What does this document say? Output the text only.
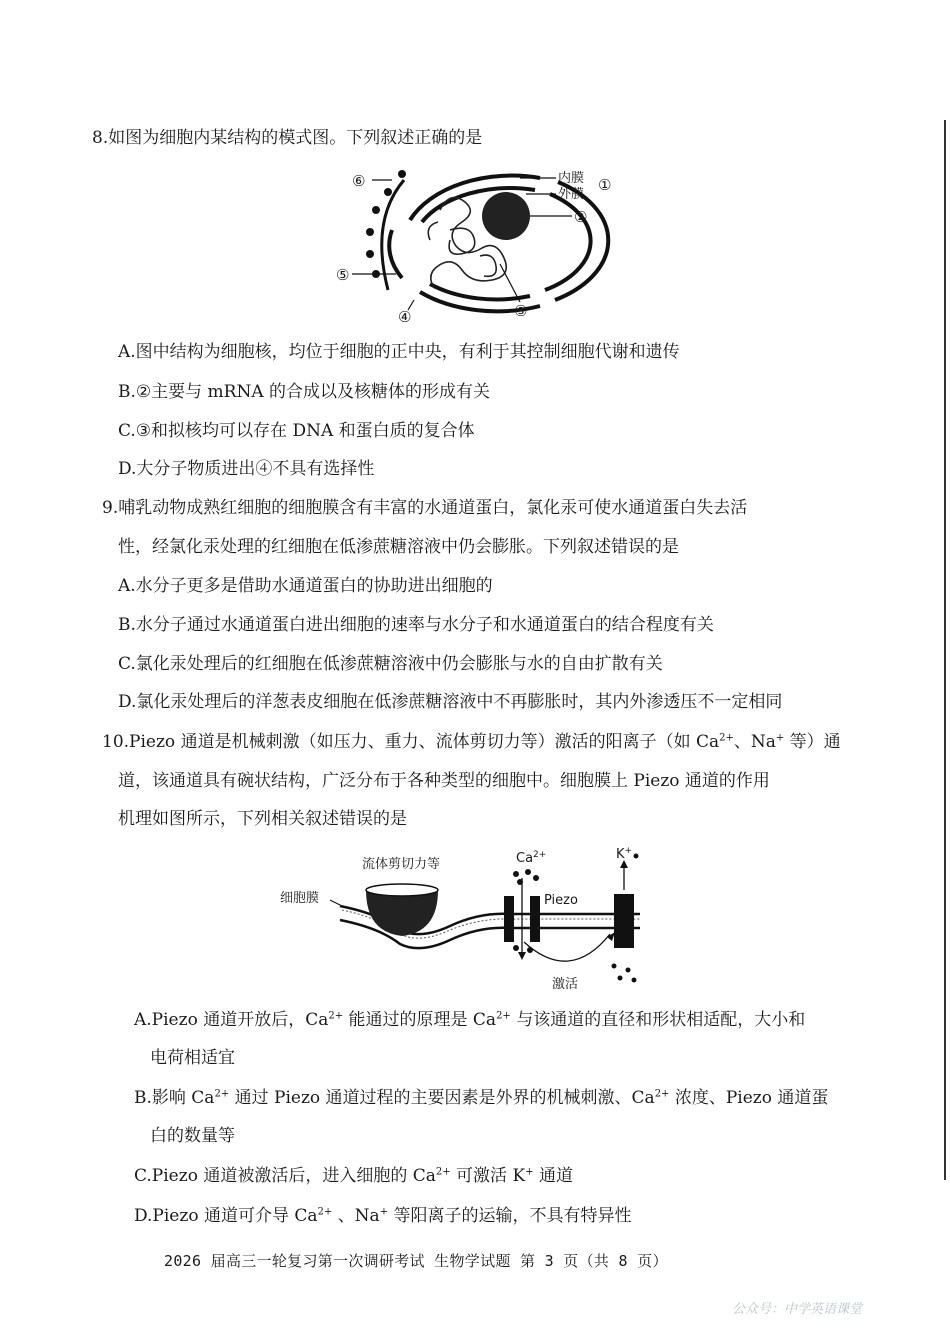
8.如图为细胞内某结构的模式图。下列叙述正确的是
内膜
外膜
①
②
③
④
⑤
⑥
A.图中结构为细胞核，均位于细胞的正中央，有利于其控制细胞代谢和遗传
B.②主要与 mRNA 的合成以及核糖体的形成有关
C.③和拟核均可以存在 DNA 和蛋白质的复合体
D.大分子物质进出④不具有选择性
9.哺乳动物成熟红细胞的细胞膜含有丰富的水通道蛋白，氯化汞可使水通道蛋白失去活
性，经氯化汞处理的红细胞在低渗蔗糖溶液中仍会膨胀。下列叙述错误的是
A.水分子更多是借助水通道蛋白的协助进出细胞的
B.水分子通过水通道蛋白进出细胞的速率与水分子和水通道蛋白的结合程度有关
C.氯化汞处理后的红细胞在低渗蔗糖溶液中仍会膨胀与水的自由扩散有关
D.氯化汞处理后的洋葱表皮细胞在低渗蔗糖溶液中不再膨胀时，其内外渗透压不一定相同
10.Piezo 通道是机械刺激（如压力、重力、流体剪切力等）激活的阳离子（如 $Ca^{2+}$、Na+ 等）通
道，该通道具有碗状结构，广泛分布于各种类型的细胞中。细胞膜上 Piezo 通道的作用
机理如图所示，下列相关叙述错误的是
流体剪切力等
细胞膜
$Ca^{2+}$	K+
Piezo
激活
A.Piezo 通道开放后，$Ca^{2+}$ 能通过的原理是 $Ca^{2+}$ 与该通道的直径和形状相适配，大小和
电荷相适宜
B.影响 $Ca^{2+}$ 通过 Piezo 通道过程的主要因素是外界的机械刺激、$Ca^{2+}$ 浓度、Piezo 通道蛋
白的数量等
C.Piezo 通道被激活后，进入细胞的 $Ca^{2+}$ 可激活 K+ 通道
D.Piezo 通道可介导 $Ca^{2+}$ 、Na+ 等阳离子的运输，不具有特异性
2026 届高三一轮复习第一次调研考试 生物学试题 第 3 页（共 8 页）
公众号：中学英语课堂
